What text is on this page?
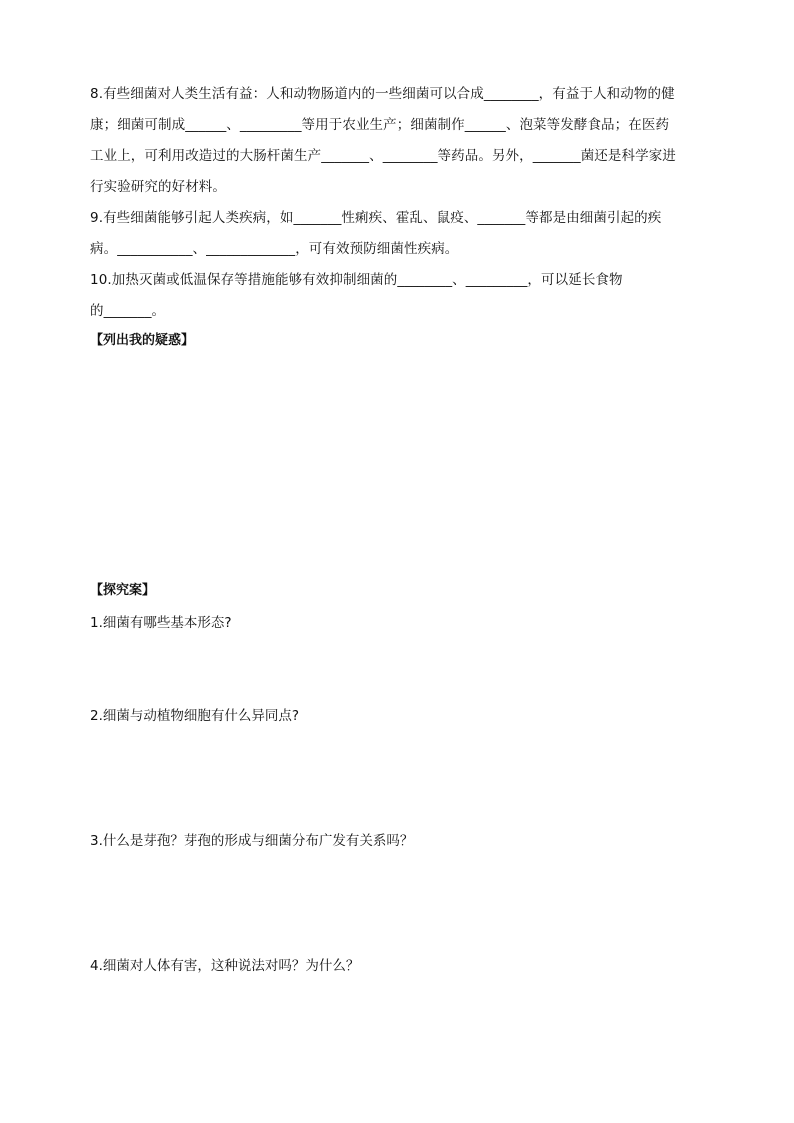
8.有些细菌对人类生活有益：人和动物肠道内的一些细菌可以合成________，有益于人和动物的健
康；细菌可制成______、_________等用于农业生产；细菌制作______、泡菜等发酵食品；在医药
工业上，可利用改造过的大肠杆菌生产_______、________等药品。另外，_______菌还是科学家进
行实验研究的好材料。
9.有些细菌能够引起人类疾病，如_______性痢疾、霍乱、鼠疫、_______等都是由细菌引起的疾
病。___________、_____________，可有效预防细菌性疾病。
10.加热灭菌或低温保存等措施能够有效抑制细菌的________、_________，可以延长食物
的_______。
【列出我的疑惑】
【探究案】
1.细菌有哪些基本形态?
2.细菌与动植物细胞有什么异同点?
3.什么是芽孢？芽孢的形成与细菌分布广发有关系吗？
4.细菌对人体有害，这种说法对吗？为什么？
